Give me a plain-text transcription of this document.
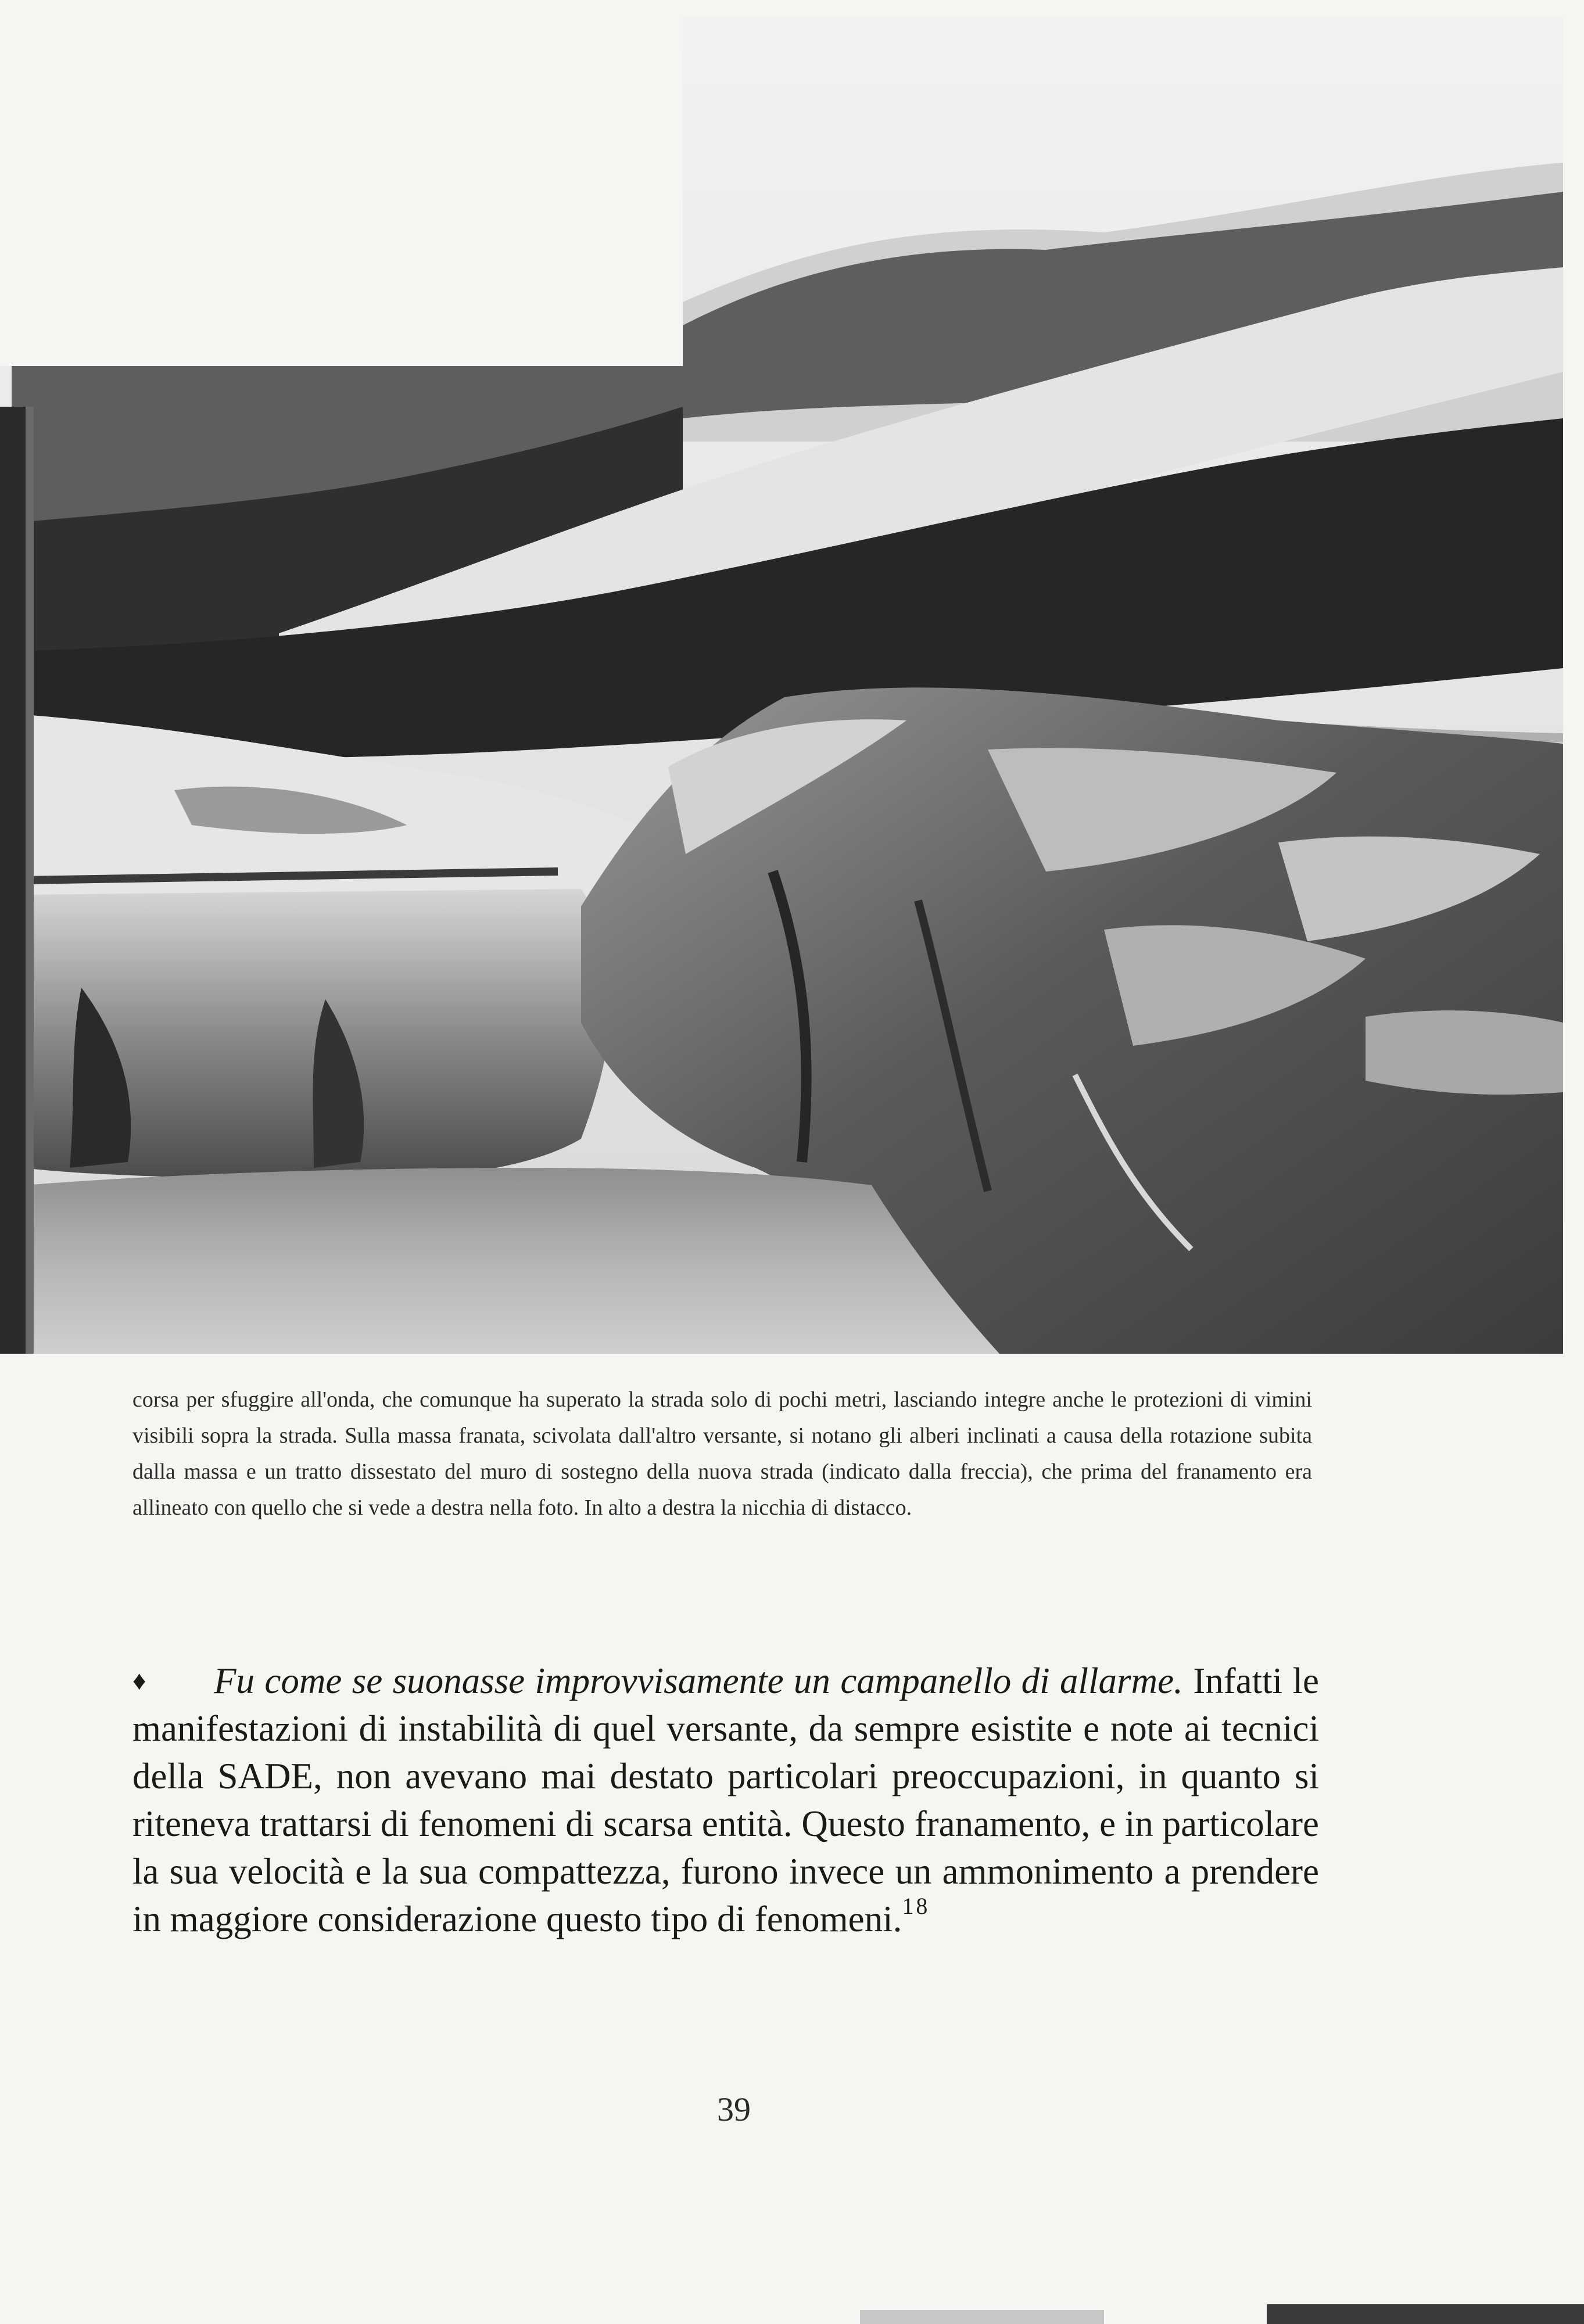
corsa per sfuggire all'onda, che comunque ha superato la strada solo di pochi metri, lasciando integre anche le protezioni di vimini visibili sopra la strada. Sulla massa franata, scivolata dall'altro versante, si notano gli alberi inclinati a causa della rotazione subita dalla massa e un tratto dissestato del muro di sostegno della nuova strada (indicato dalla freccia), che prima del franamento era allineato con quello che si vede a destra nella foto. In alto a destra la nicchia di distacco.

♦ Fu come se suonasse improvvisamente un campanello di allarme. Infatti le manifestazioni di instabilità di quel versante, da sempre esistite e note ai tecnici della SADE, non avevano mai destato particolari preoccupazioni, in quanto si riteneva trattarsi di fenomeni di scarsa entità. Questo franamento, e in particolare la sua velocità e la sua compattezza, furono invece un ammonimento a prendere in maggiore considerazione questo tipo di fenomeni.$^{18}$

39
